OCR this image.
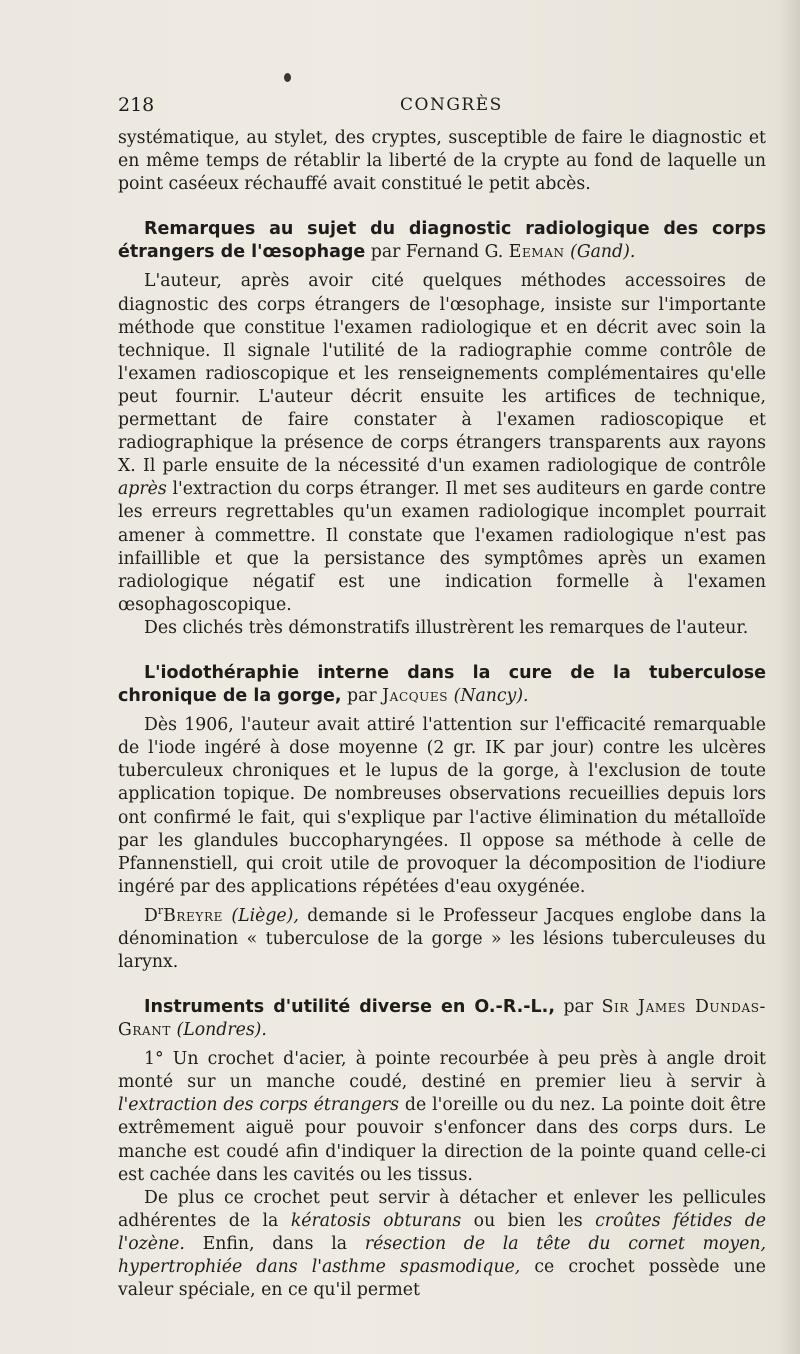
218	CONGRÈS

systématique, au stylet, des cryptes, susceptible de faire le diagnostic et en même temps de rétablir la liberté de la crypte au fond de laquelle un point caséeux réchauffé avait constitué le petit abcès.

Remarques au sujet du diagnostic radiologique des corps étrangers de l'œsophage par Fernand G. Eeman (Gand).

L'auteur, après avoir cité quelques méthodes accessoires de diagnostic des corps étrangers de l'œsophage, insiste sur l'importante méthode que constitue l'examen radiologique et en décrit avec soin la technique. Il signale l'utilité de la radiographie comme contrôle de l'examen radioscopique et les renseignements complémentaires qu'elle peut fournir. L'auteur décrit ensuite les artifices de technique, permettant de faire constater à l'examen radioscopique et radiographique la présence de corps étrangers transparents aux rayons X. Il parle ensuite de la nécessité d'un examen radiologique de contrôle après l'extraction du corps étranger. Il met ses auditeurs en garde contre les erreurs regrettables qu'un examen radiologique incomplet pourrait amener à commettre. Il constate que l'examen radiologique n'est pas infaillible et que la persistance des symptômes après un examen radiologique négatif est une indication formelle à l'examen œsophagoscopique.

Des clichés très démonstratifs illustrèrent les remarques de l'auteur.

L'iodothéraphie interne dans la cure de la tuberculose chronique de la gorge, par Jacques (Nancy).

Dès 1906, l'auteur avait attiré l'attention sur l'efficacité remarquable de l'iode ingéré à dose moyenne (2 gr. IK par jour) contre les ulcères tuberculeux chroniques et le lupus de la gorge, à l'exclusion de toute application topique. De nombreuses observations recueillies depuis lors ont confirmé le fait, qui s'explique par l'active élimination du métalloïde par les glandules buccopharyngées. Il oppose sa méthode à celle de Pfannenstiell, qui croit utile de provoquer la décomposition de l'iodiure ingéré par des applications répétées d'eau oxygénée.

$D^rBreyre$ (Liège), demande si le Professeur Jacques englobe dans la dénomination « tuberculose de la gorge » les lésions tuberculeuses du larynx.

Instruments d'utilité diverse en O.-R.-L., par Sir James Dundas-Grant (Londres).

1° Un crochet d'acier, à pointe recourbée à peu près à angle droit monté sur un manche coudé, destiné en premier lieu à servir à l'extraction des corps étrangers de l'oreille ou du nez. La pointe doit être extrêmement aiguë pour pouvoir s'enfoncer dans des corps durs. Le manche est coudé afin d'indiquer la direction de la pointe quand celle-ci est cachée dans les cavités ou les tissus.

De plus ce crochet peut servir à détacher et enlever les pellicules adhérentes de la kératosis obturans ou bien les croûtes fétides de l'ozène. Enfin, dans la résection de la tête du cornet moyen, hypertrophiée dans l'asthme spasmodique, ce crochet possède une valeur spéciale, en ce qu'il permet
